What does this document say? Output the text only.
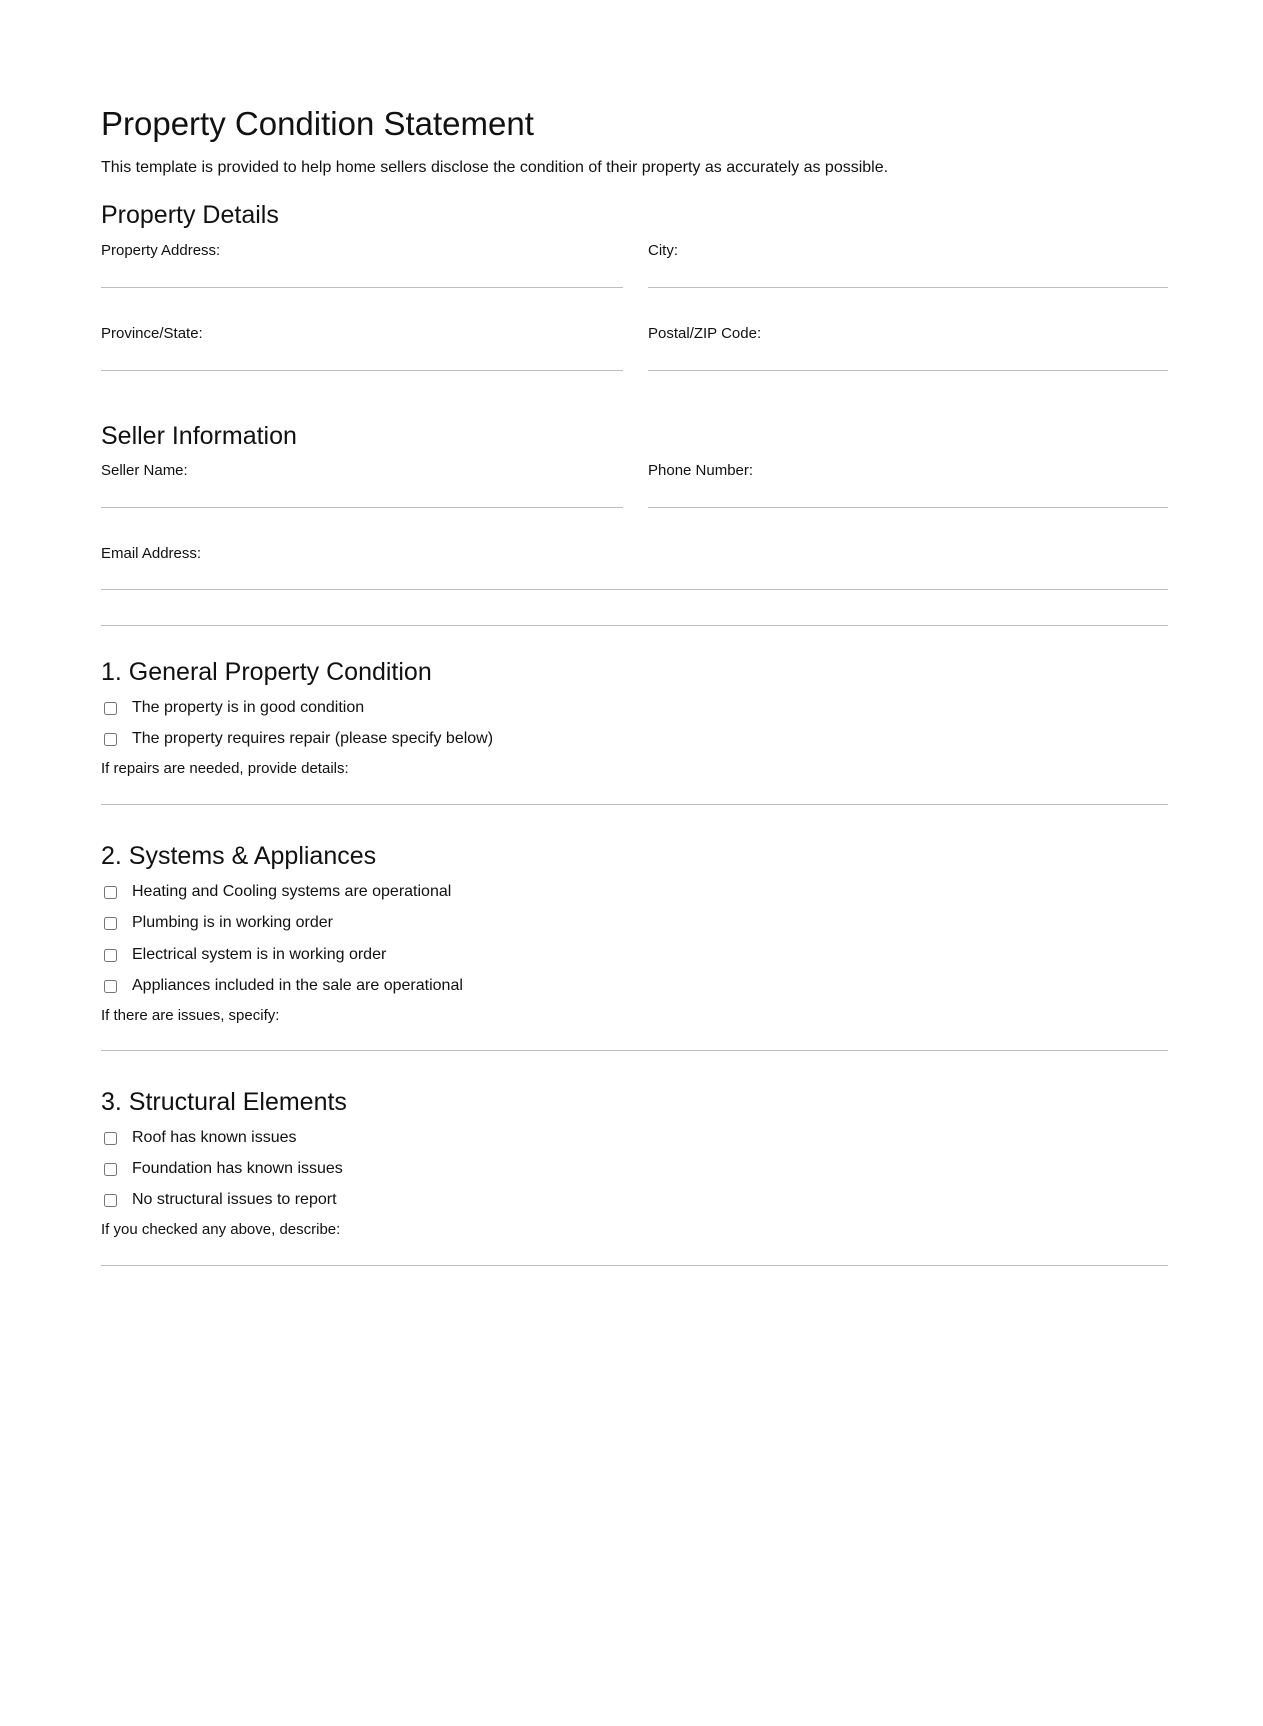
Property Condition Statement
This template is provided to help home sellers disclose the condition of their property as accurately as possible.
Property Details
Property Address:	City:
Province/State:	Postal/ZIP Code:
Seller Information
Seller Name:	Phone Number:
Email Address:
1. General Property Condition
The property is in good condition
The property requires repair (please specify below)
If repairs are needed, provide details:
2. Systems & Appliances
Heating and Cooling systems are operational
Plumbing is in working order
Electrical system is in working order
Appliances included in the sale are operational
If there are issues, specify:
3. Structural Elements
Roof has known issues
Foundation has known issues
No structural issues to report
If you checked any above, describe:
